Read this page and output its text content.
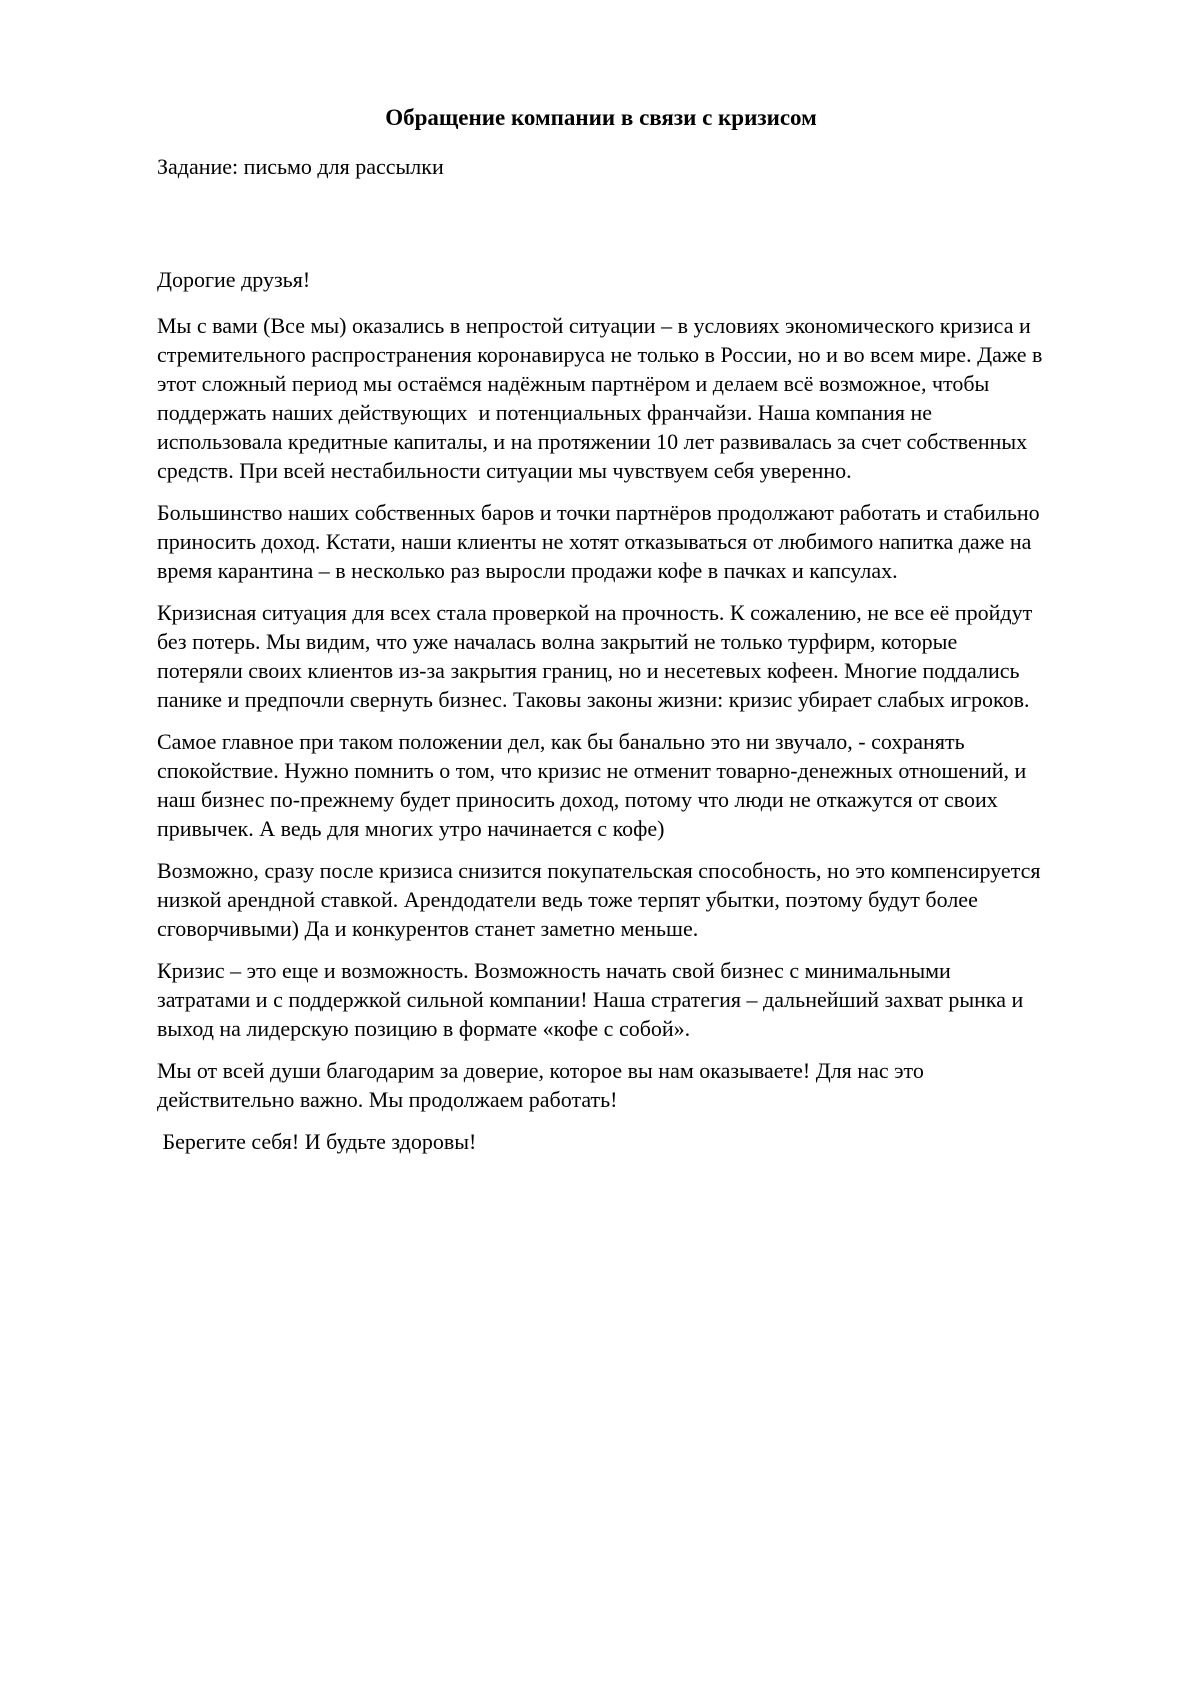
Обращение компании в связи с кризисом

Задание: письмо для рассылки

Дорогие друзья!

Мы с вами (Все мы) оказались в непростой ситуации – в условиях экономического кризиса и стремительного распространения коронавируса не только в России, но и во всем мире. Даже в этот сложный период мы остаёмся надёжным партнёром и делаем всё возможное, чтобы поддержать наших действующих  и потенциальных франчайзи. Наша компания не использовала кредитные капиталы, и на протяжении 10 лет развивалась за счет собственных средств. При всей нестабильности ситуации мы чувствуем себя уверенно.

Большинство наших собственных баров и точки партнёров продолжают работать и стабильно приносить доход. Кстати, наши клиенты не хотят отказываться от любимого напитка даже на время карантина – в несколько раз выросли продажи кофе в пачках и капсулах.

Кризисная ситуация для всех стала проверкой на прочность. К сожалению, не все её пройдут без потерь. Мы видим, что уже началась волна закрытий не только турфирм, которые потеряли своих клиентов из-за закрытия границ, но и несетевых кофеен. Многие поддались панике и предпочли свернуть бизнес. Таковы законы жизни: кризис убирает слабых игроков.

Самое главное при таком положении дел, как бы банально это ни звучало, - сохранять спокойствие. Нужно помнить о том, что кризис не отменит товарно-денежных отношений, и наш бизнес по-прежнему будет приносить доход, потому что люди не откажутся от своих привычек. А ведь для многих утро начинается с кофе)

Возможно, сразу после кризиса снизится покупательская способность, но это компенсируется низкой арендной ставкой. Арендодатели ведь тоже терпят убытки, поэтому будут более сговорчивыми) Да и конкурентов станет заметно меньше.

Кризис – это еще и возможность. Возможность начать свой бизнес с минимальными затратами и с поддержкой сильной компании! Наша стратегия – дальнейший захват рынка и выход на лидерскую позицию в формате «кофе с собой».

Мы от всей души благодарим за доверие, которое вы нам оказываете! Для нас это действительно важно. Мы продолжаем работать!

Берегите себя! И будьте здоровы!
